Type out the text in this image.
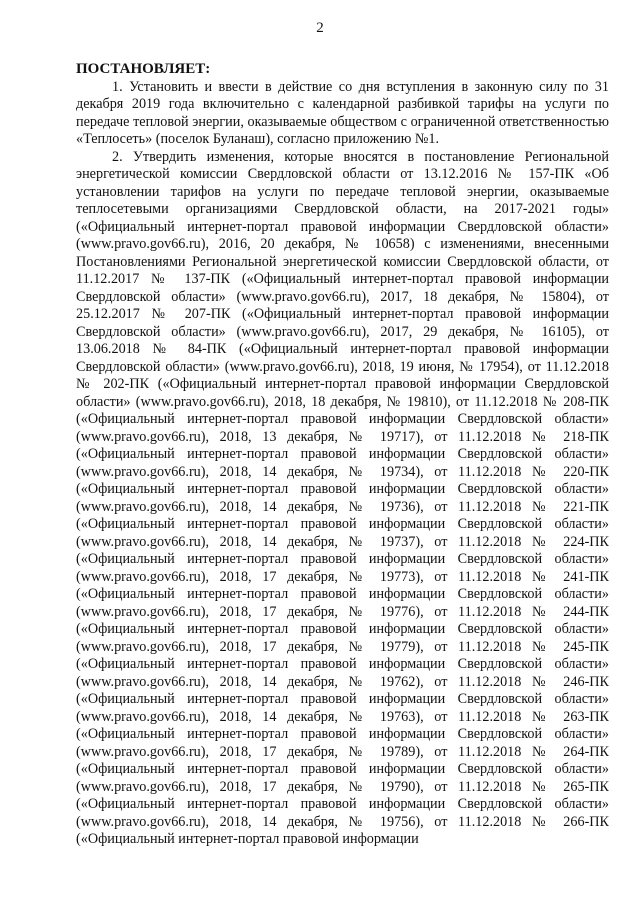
2

ПОСТАНОВЛЯЕТ:

1. Установить и ввести в действие со дня вступления в законную силу по 31 декабря 2019 года включительно с календарной разбивкой тарифы на услуги по передаче тепловой энергии, оказываемые обществом с ограниченной ответственностью «Теплосеть» (поселок Буланаш), согласно приложению №1.

2. Утвердить изменения, которые вносятся в постановление Региональной энергетической комиссии Свердловской области от 13.12.2016 № 157-ПК «Об установлении тарифов на услуги по передаче тепловой энергии, оказываемые теплосетевыми организациями Свердловской области, на 2017-2021 годы» («Официальный интернет-портал правовой информации Свердловской области» (www.pravo.gov66.ru), 2016, 20 декабря, № 10658) с изменениями, внесенными Постановлениями Региональной энергетической комиссии Свердловской области, от 11.12.2017 № 137-ПК («Официальный интернет-портал правовой информации Свердловской области» (www.pravo.gov66.ru), 2017, 18 декабря, № 15804), от 25.12.2017 № 207-ПК («Официальный интернет-портал правовой информации Свердловской области» (www.pravo.gov66.ru), 2017, 29 декабря, № 16105), от 13.06.2018 № 84-ПК («Официальный интернет-портал правовой информации Свердловской области» (www.pravo.gov66.ru), 2018, 19 июня, № 17954), от 11.12.2018 № 202-ПК («Официальный интернет-портал правовой информации Свердловской области» (www.pravo.gov66.ru), 2018, 18 декабря, № 19810), от 11.12.2018 № 208-ПК («Официальный интернет-портал правовой информации Свердловской области» (www.pravo.gov66.ru), 2018, 13 декабря, № 19717), от 11.12.2018 № 218-ПК («Официальный интернет-портал правовой информации Свердловской области» (www.pravo.gov66.ru), 2018, 14 декабря, № 19734), от 11.12.2018 № 220-ПК («Официальный интернет-портал правовой информации Свердловской области» (www.pravo.gov66.ru), 2018, 14 декабря, № 19736), от 11.12.2018 № 221-ПК («Официальный интернет-портал правовой информации Свердловской области» (www.pravo.gov66.ru), 2018, 14 декабря, № 19737), от 11.12.2018 № 224-ПК («Официальный интернет-портал правовой информации Свердловской области» (www.pravo.gov66.ru), 2018, 17 декабря, № 19773), от 11.12.2018 № 241-ПК («Официальный интернет-портал правовой информации Свердловской области» (www.pravo.gov66.ru), 2018, 17 декабря, № 19776), от 11.12.2018 № 244-ПК («Официальный интернет-портал правовой информации Свердловской области» (www.pravo.gov66.ru), 2018, 17 декабря, № 19779), от 11.12.2018 № 245-ПК («Официальный интернет-портал правовой информации Свердловской области» (www.pravo.gov66.ru), 2018, 14 декабря, № 19762), от 11.12.2018 № 246-ПК («Официальный интернет-портал правовой информации Свердловской области» (www.pravo.gov66.ru), 2018, 14 декабря, № 19763), от 11.12.2018 № 263-ПК («Официальный интернет-портал правовой информации Свердловской области» (www.pravo.gov66.ru), 2018, 17 декабря, № 19789), от 11.12.2018 № 264-ПК («Официальный интернет-портал правовой информации Свердловской области» (www.pravo.gov66.ru), 2018, 17 декабря, № 19790), от 11.12.2018 № 265-ПК («Официальный интернет-портал правовой информации Свердловской области» (www.pravo.gov66.ru), 2018, 14 декабря, № 19756), от 11.12.2018 № 266-ПК («Официальный интернет-портал правовой информации
